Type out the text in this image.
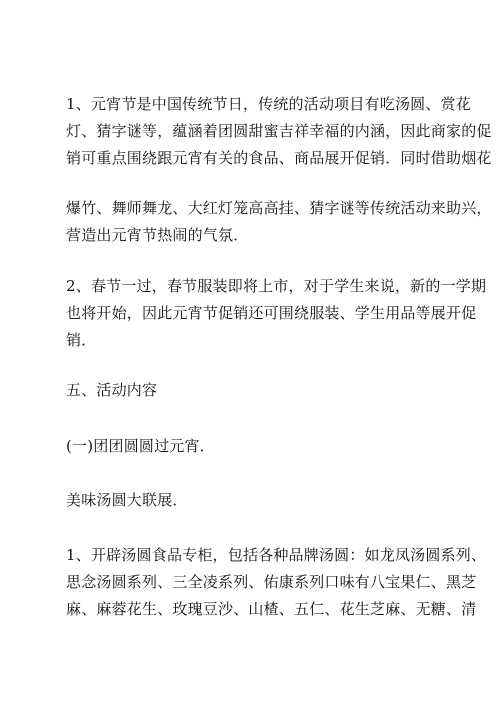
1、元宵节是中国传统节日，传统的活动项目有吃汤圆、赏花
灯、猜字谜等，蕴涵着团圆甜蜜吉祥幸福的内涵，因此商家的促
销可重点围绕跟元宵有关的食品、商品展开促销．同时借助烟花
爆竹、舞师舞龙、大红灯笼高高挂、猜字谜等传统活动来助兴，
营造出元宵节热闹的气氛．
2、春节一过，春节服装即将上市，对于学生来说，新的一学期
也将开始，因此元宵节促销还可围绕服装、学生用品等展开促
销．
五、活动内容
(一)团团圆圆过元宵．
美味汤圆大联展．
1、开辟汤圆食品专柜，包括各种品牌汤圆：如龙凤汤圆系列、
思念汤圆系列、三全凌系列、佑康系列口味有八宝果仁、黑芝
麻、麻蓉花生、玫瑰豆沙、山楂、五仁、花生芝麻、无糖、清
